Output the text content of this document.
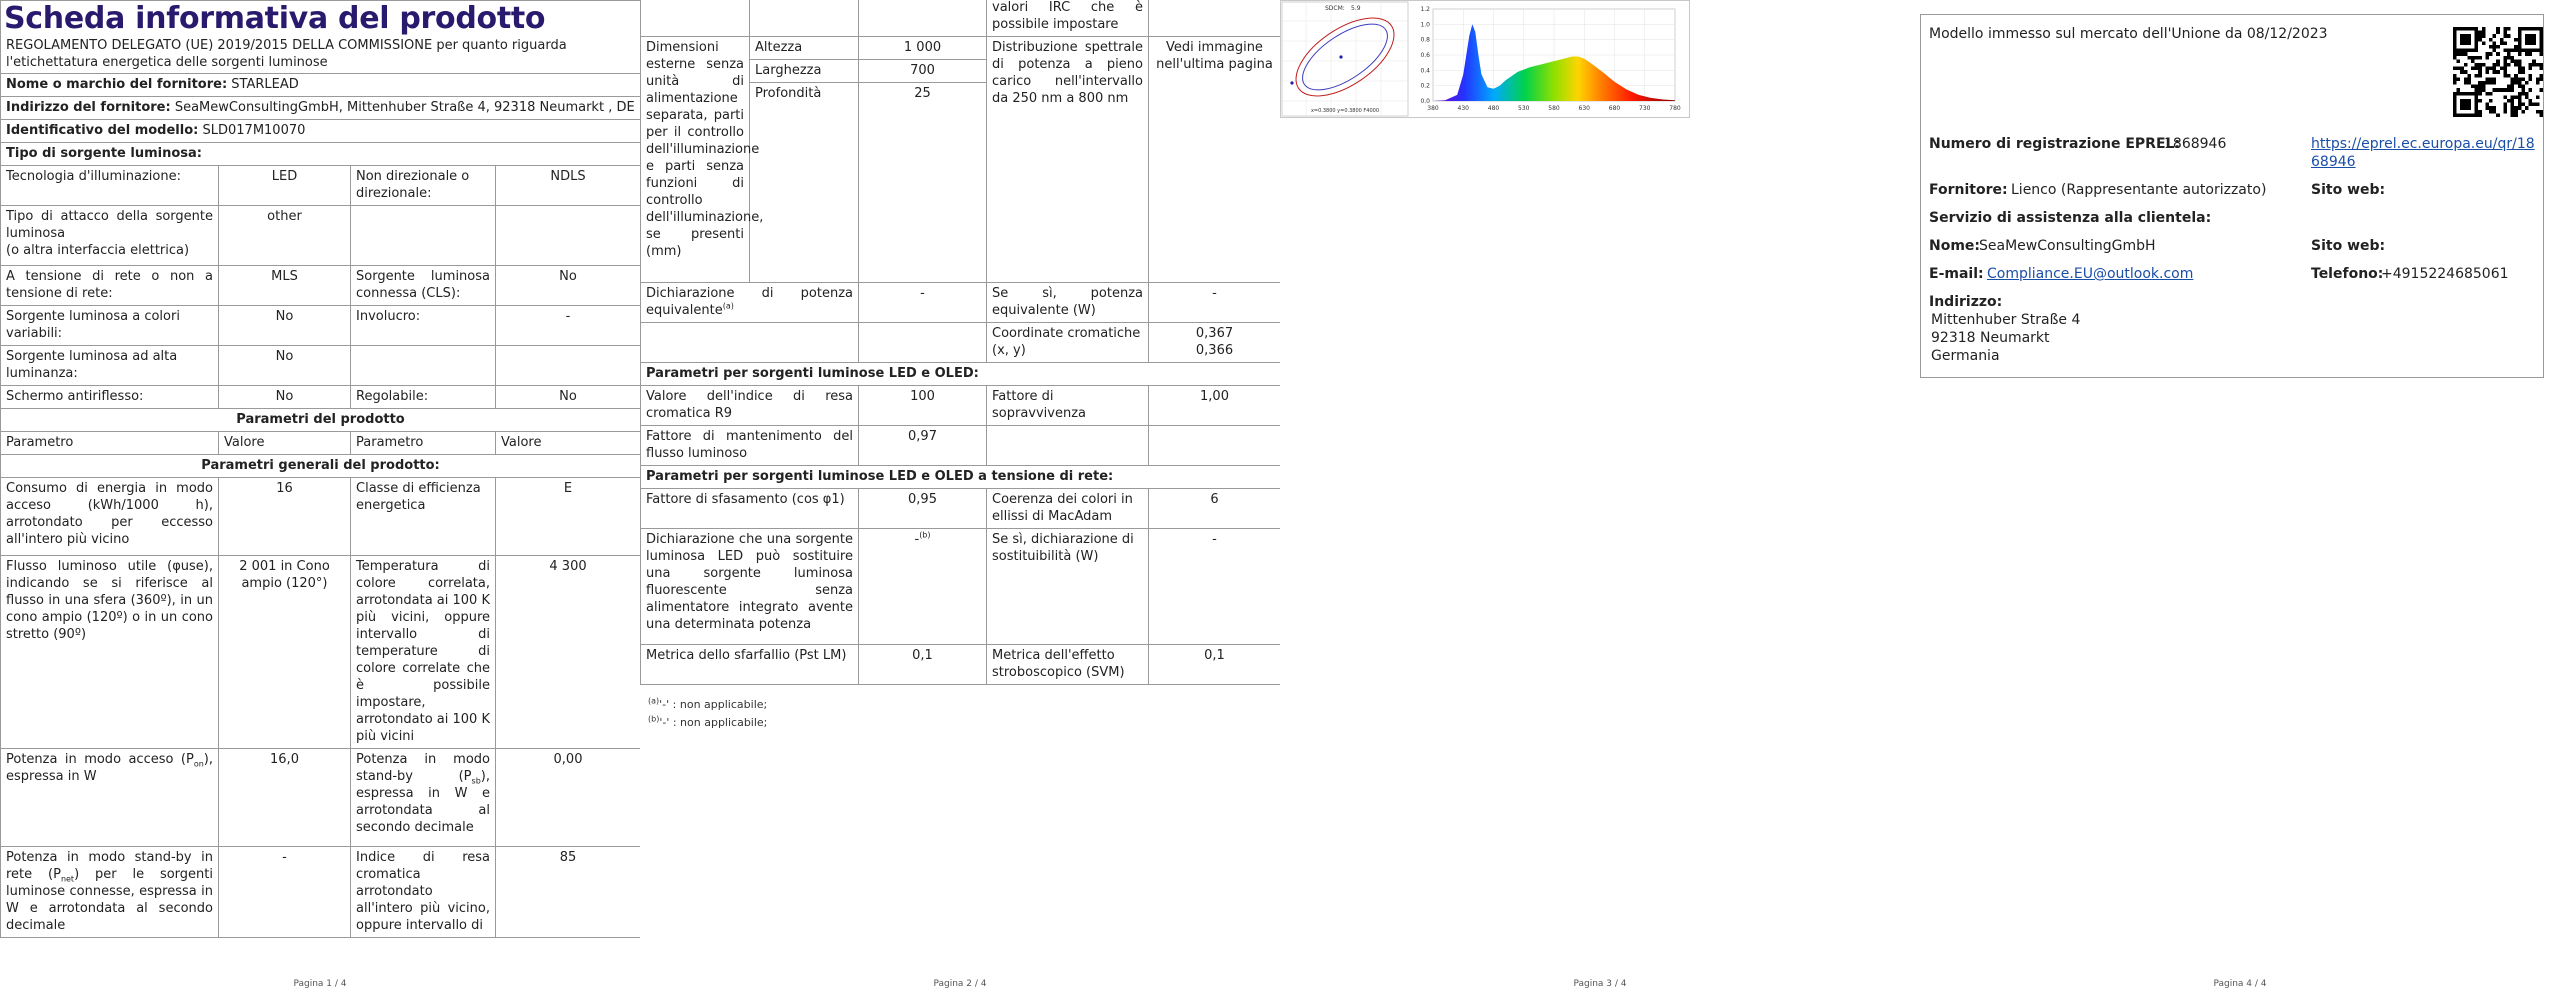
Scheda informativa del prodotto
REGOLAMENTO DELEGATO (UE) 2019/2015 DELLA COMMISSIONE per quanto riguarda l'etichettatura energetica delle sorgenti luminose			

Nome o marchio del fornitore: STARLEAD			
Indirizzo del fornitore: SeaMewConsultingGmbH, Mittenhuber Straße 4, 92318 Neumarkt , DE			
Identificativo del modello: SLD017M10070			
Tipo di sorgente luminosa:			
Tecnologia d'illuminazione:	LED	Non direzionale o direzionale:	NDLS
Tipo di attacco della sorgente luminosa
(o altra interfaccia elettrica)	other		
A tensione di rete o non a tensione di rete:	MLS	Sorgente luminosa connessa (CLS):	No
Sorgente luminosa a colori variabili:	No	Involucro:	-
Sorgente luminosa ad alta luminanza:	No		
Schermo antiriflesso:	No	Regolabile:	No
Parametri del prodotto			
Parametro	Valore	Parametro	Valore
Parametri generali del prodotto:			
Consumo di energia in modo acceso (kWh/1000 h), arrotondato per eccesso all'intero più vicino	16	Classe di efficienza energetica	E
Flusso luminoso utile (φuse), indicando se si riferisce al flusso in una sfera (360º), in un cono ampio (120º) o in un cono stretto (90º)	2 001 in Cono ampio (120°)	Temperatura di colore correlata, arrotondata ai 100 K più vicini, oppure intervallo di temperature di colore correlate che è possibile impostare, arrotondato ai 100 K più vicini	4 300
Potenza in modo acceso $(P_{on})$, espressa in W	16,0	Potenza in modo stand-by $(P_{sb})$, espressa in W e arrotondata al secondo decimale	0,00
Potenza in modo stand-by in rete $(P_{net})$ per le sorgenti luminose connesse, espressa in W e arrotondata al secondo decimale	-	Indice di resa cromatica arrotondato all'intero più vicino, oppure intervallo di	85
Pagina 1 / 4
			valori IRC che è possibile impostare	
Dimensioni esterne senza unità di alimentazione separata, parti per il controllo dell'illuminazione e parti senza funzioni di controllo dell'illuminazione, se presenti (mm)	Altezza	1 000	Distribuzione spettrale di potenza a pieno carico nell'intervallo da 250 nm a 800 nm	Vedi immagine nell'ultima pagina
	Larghezza	700		
	Profondità	25		
Dichiarazione di potenza equivalente$^{(a)}$		-	Se sì, potenza equivalente (W)	-
			Coordinate cromatiche (x, y)	0,367
0,366
Parametri per sorgenti luminose LED e OLED:				
Valore dell'indice di resa cromatica R9		100	Fattore di sopravvivenza	1,00
Fattore di mantenimento del flusso luminoso		0,97		
Parametri per sorgenti luminose LED e OLED a tensione di rete:				
Fattore di sfasamento (cos φ1)		0,95	Coerenza dei colori in ellissi di MacAdam	6
Dichiarazione che una sorgente luminosa LED può sostituire una sorgente luminosa fluorescente senza alimentatore integrato avente una determinata potenza		-$^{(b)}$	Se sì, dichiarazione di sostituibilità (W)	-
Metrica dello sfarfallio (Pst LM)		0,1	Metrica dell'effetto stroboscopico (SVM)	0,1
$^{(a)}$'-' : non applicabile;
$^{(b)}$'-' : non applicabile;
Pagina 2 / 4
SDCM: 5.9
x=0.3800 y=0.3800 F4000
1.2
1.0
0.8
0.6
0.4
0.2
0.0
380	430	480	530	580	630	680	730	780
Pagina 3 / 4
Modello immesso sul mercato dell'Unione da 08/12/2023
Numero di registrazione EPREL:
1868946	https://eprel.ec.europa.eu/qr/18
68946
Fornitore: Lienco (Rappresentante autorizzato)	Sito web:
Servizio di assistenza alla clientela:
Nome:
SeaMewConsultingGmbH	Sito web:
E-mail: Compliance.EU@outlook.com	Telefono:
+4915224685061
Indirizzo:
Mittenhuber Straße 4
92318 Neumarkt
Germania
Pagina 4 / 4
